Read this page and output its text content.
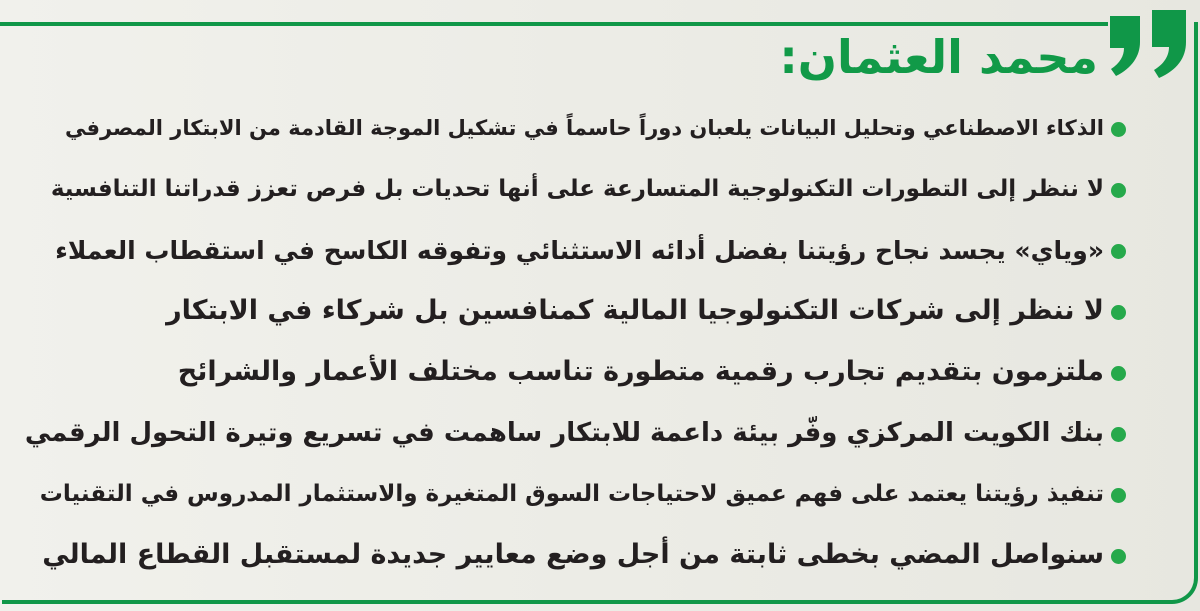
محمد العثمان:
الذكاء الاصطناعي وتحليل البيانات يلعبان دوراً حاسماً في تشكيل الموجة القادمة من الابتكار المصرفي
لا ننظر إلى التطورات التكنولوجية المتسارعة على أنها تحديات بل فرص تعزز قدراتنا التنافسية
«وياي» يجسد نجاح رؤيتنا بفضل أدائه الاستثنائي وتفوقه الكاسح في استقطاب العملاء
لا ننظر إلى شركات التكنولوجيا المالية كمنافسين بل شركاء في الابتكار
ملتزمون بتقديم تجارب رقمية متطورة تناسب مختلف الأعمار والشرائح
بنك الكويت المركزي وفّر بيئة داعمة للابتكار ساهمت في تسريع وتيرة التحول الرقمي
تنفيذ رؤيتنا يعتمد على فهم عميق لاحتياجات السوق المتغيرة والاستثمار المدروس في التقنيات
سنواصل المضي بخطى ثابتة من أجل وضع معايير جديدة لمستقبل القطاع المالي
